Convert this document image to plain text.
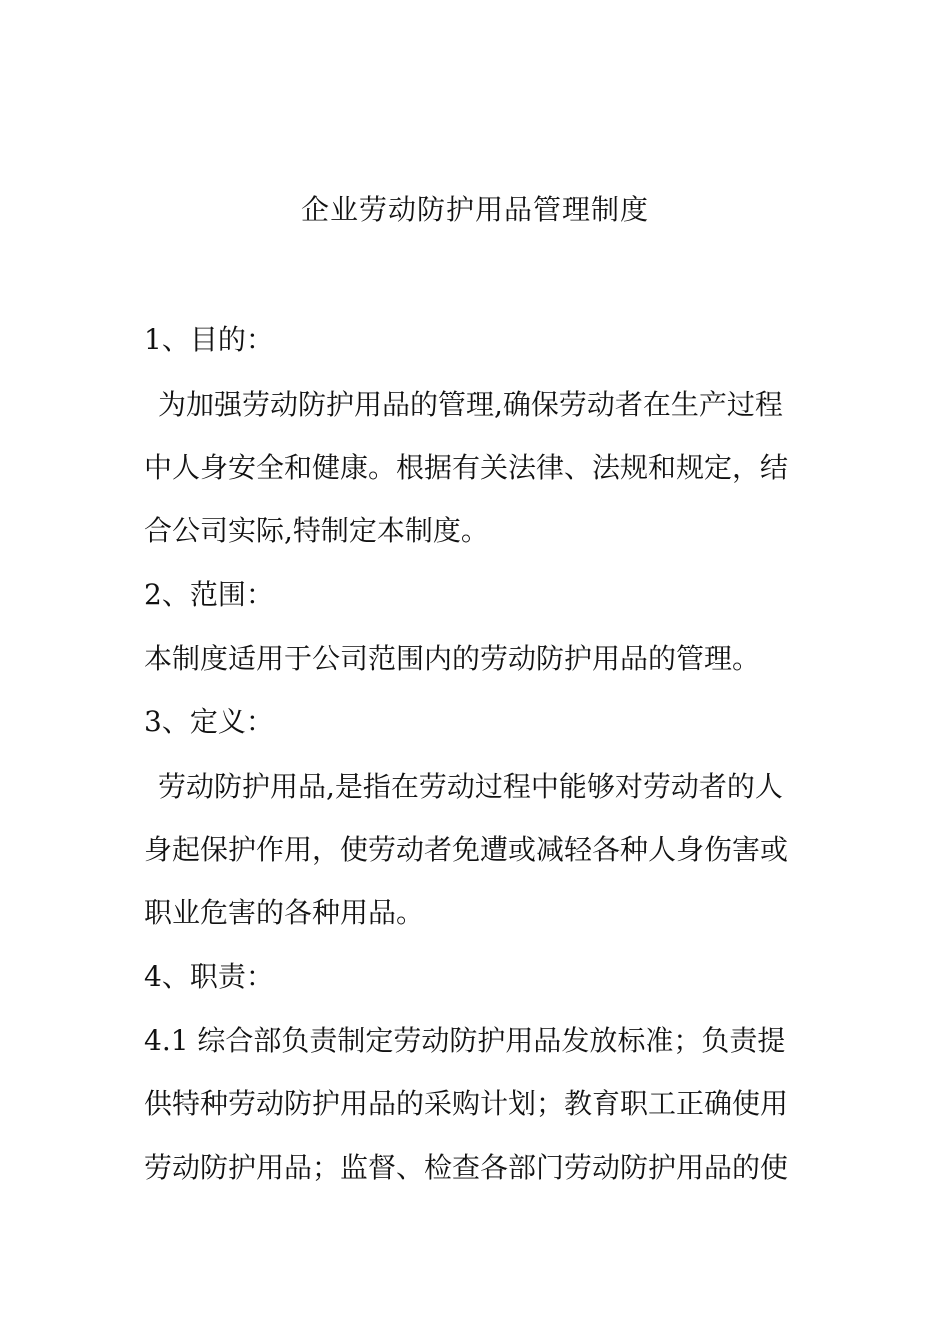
企业劳动防护用品管理制度
1、目的：
为加强劳动防护用品的管理,确保劳动者在生产过程
中人身安全和健康。根据有关法律、法规和规定，结
合公司实际,特制定本制度。
2、范围：
本制度适用于公司范围内的劳动防护用品的管理。
3、定义：
劳动防护用品,是指在劳动过程中能够对劳动者的人
身起保护作用，使劳动者免遭或减轻各种人身伤害或
职业危害的各种用品。
4、职责：
4.1 综合部负责制定劳动防护用品发放标准；负责提
供特种劳动防护用品的采购计划；教育职工正确使用
劳动防护用品；监督、检查各部门劳动防护用品的使
